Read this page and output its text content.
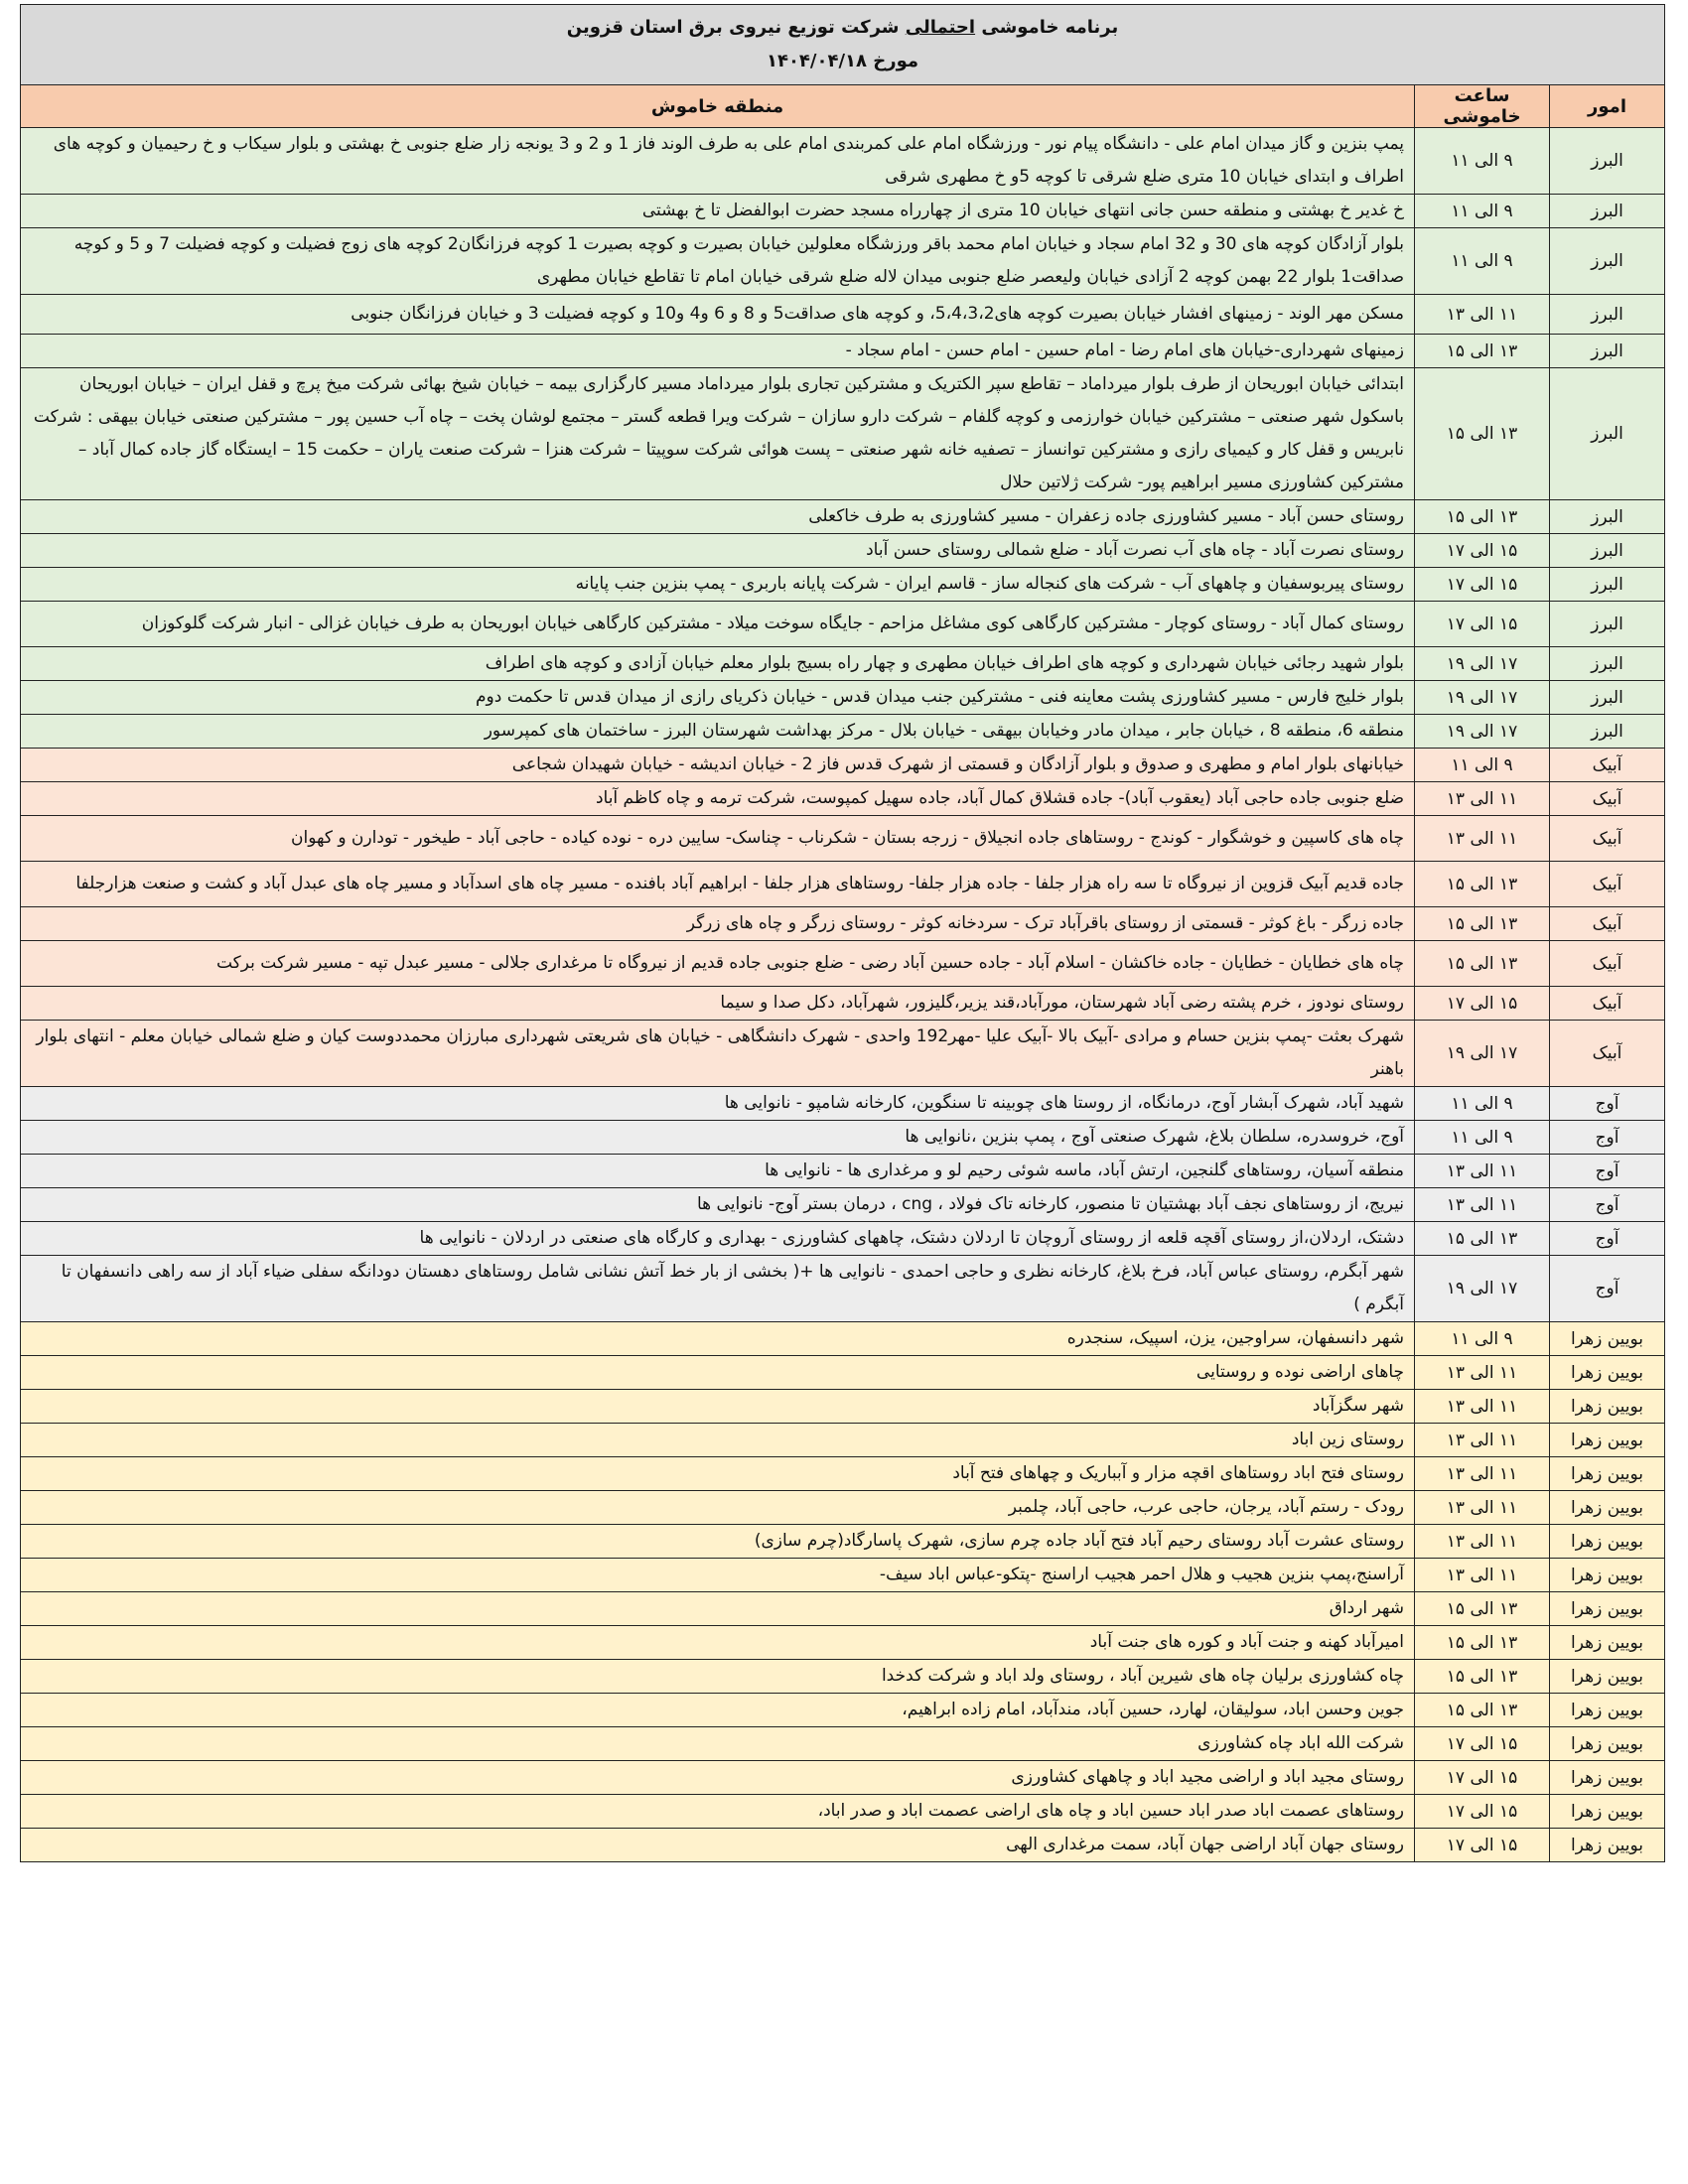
برنامه خاموشی احتمالی شرکت توزیع نیروی برق استان قزوین
مورخ ۱۴۰۴/۰۴/۱۸		

امور	ساعت خاموشی	منطقه خاموش
البرز	۹ الی ۱۱	پمپ بنزین و گاز میدان امام علی - دانشگاه پیام نور - ورزشگاه امام علی کمربندی امام علی به طرف الوند فاز 1 و 2 و 3 یونجه زار ضلع جنوبی خ بهشتی و بلوار سیکاب و خ رحیمیان و کوچه های اطراف و ابتدای خیابان 10 متری ضلع شرقی تا کوچه 5و خ مطهری شرقی
البرز	۹ الی ۱۱	خ غدیر خ بهشتی و منطقه حسن جانی انتهای خیابان 10 متری از چهارراه مسجد حضرت ابوالفضل تا خ بهشتی
البرز	۹ الی ۱۱	بلوار آزادگان کوچه های 30 و 32 امام سجاد و خیابان امام محمد باقر ورزشگاه معلولین خیابان بصیرت و کوچه بصیرت 1 کوچه فرزانگان2 کوچه های زوج فضیلت و کوچه فضیلت 7 و 5 و کوچه صداقت1 بلوار 22 بهمن کوچه 2 آزادی خیابان ولیعصر ضلع جنوبی میدان لاله ضلع شرقی خیابان امام تا تقاطع خیابان مطهری
البرز	۱۱ الی ۱۳	مسکن مهر الوند - زمینهای افشار خیابان بصیرت کوچه های5،4،3،2، و کوچه های صداقت5 و 8 و 6 و4 و10 و کوچه فضیلت 3 و خیابان فرزانگان جنوبی
البرز	۱۳ الی ۱۵	زمینهای شهرداری-خیابان های امام رضا - امام حسین - امام حسن - امام سجاد -
البرز	۱۳ الی ۱۵	ابتدائی خیابان ابوریحان از طرف بلوار میرداماد – تقاطع سپر الکتریک و مشترکین تجاری بلوار میرداماد مسیر کارگزاری بیمه – خیابان شیخ بهائی شرکت میخ پرچ و قفل ایران – خیابان ابوریحان باسکول شهر صنعتی – مشترکین خیابان خوارزمی و کوچه گلفام – شرکت دارو سازان – شرکت ویرا قطعه گستر – مجتمع لوشان پخت – چاه آب حسین پور – مشترکین صنعتی خیابان بیهقی : شرکت نابریس و قفل کار و کیمیای رازی و مشترکین توانساز – تصفیه خانه شهر صنعتی – پست هوائی شرکت سوپیتا – شرکت هنزا – شرکت صنعت یاران – حکمت 15 – ایستگاه گاز جاده کمال آباد – مشترکین کشاورزی مسیر ابراهیم پور- شرکت ژلاتین حلال
البرز	۱۳ الی ۱۵	روستای حسن آباد - مسیر کشاورزی جاده زعفران - مسیر کشاورزی به طرف خاکعلی
البرز	۱۵ الی ۱۷	روستای نصرت آباد - چاه های آب نصرت آباد - ضلع شمالی روستای حسن آباد
البرز	۱۵ الی ۱۷	روستای پیربوسفیان و چاههای آب - شرکت های کنجاله ساز - قاسم ایران - شرکت پایانه باربری - پمپ بنزین جنب پایانه
البرز	۱۵ الی ۱۷	روستای کمال آباد - روستای کوچار - مشترکین کارگاهی کوی مشاغل مزاحم - جایگاه سوخت میلاد - مشترکین کارگاهی خیابان ابوریحان به طرف خیابان غزالی - انبار شرکت گلوکوزان
البرز	۱۷ الی ۱۹	بلوار شهید رجائی خیابان شهرداری و کوچه های اطراف خیابان مطهری و چهار راه بسیج بلوار معلم خیابان آزادی و کوچه های اطراف
البرز	۱۷ الی ۱۹	بلوار خلیج فارس - مسیر کشاورزی پشت معاینه فنی - مشترکین جنب میدان قدس - خیابان ذکریای رازی از میدان قدس تا حکمت دوم
البرز	۱۷ الی ۱۹	منطقه 6، منطقه 8 ، خیابان جابر ، میدان مادر وخیابان بیهقی - خیابان بلال - مرکز بهداشت شهرستان البرز - ساختمان های کمپرسور
آبیک	۹ الی ۱۱	خیابانهای بلوار امام و مطهری و صدوق و بلوار آزادگان و قسمتی از شهرک قدس فاز 2 - خیابان اندیشه - خیابان شهیدان شجاعی
آبیک	۱۱ الی ۱۳	ضلع جنوبی جاده حاجی آباد (یعقوب آباد)- جاده قشلاق کمال آباد، جاده سهیل کمپوست، شرکت ترمه و چاه کاظم آباد
آبیک	۱۱ الی ۱۳	چاه های کاسپین و خوشگوار - کوندج - روستاهای جاده انجیلاق - زرجه بستان - شکرناب - چناسک- سایین دره - نوده کیاده - حاجی آباد - طیخور - تودارن و کهوان
آبیک	۱۳ الی ۱۵	جاده قدیم آبیک قزوین از نیروگاه تا سه راه هزار جلفا - جاده هزار جلفا- روستاهای هزار جلفا - ابراهیم آباد بافنده - مسیر چاه های اسدآباد و مسیر چاه های عبدل آباد و کشت و صنعت هزارجلفا
آبیک	۱۳ الی ۱۵	جاده زرگر - باغ کوثر - قسمتی از روستای باقرآباد ترک - سردخانه کوثر - روستای زرگر و چاه های زرگر
آبیک	۱۳ الی ۱۵	چاه های خطایان - خطایان - جاده خاکشان - اسلام آباد - جاده حسین آباد رضی - ضلع جنوبی جاده قدیم از نیروگاه تا مرغداری جلالی - مسیر عبدل تپه - مسیر شرکت برکت
آبیک	۱۵ الی ۱۷	روستای نودوز ، خرم پشته رضی آباد شهرستان، مورآباد،قند یزیر،گلیزور، شهرآباد، دکل صدا و سیما
آبیک	۱۷ الی ۱۹	شهرک بعثت -پمپ بنزین حسام و مرادی -آبیک بالا -آبیک علیا -مهر192 واحدی - شهرک دانشگاهی - خیابان های شریعتی شهرداری مبارزان محمددوست کیان و ضلع شمالی خیابان معلم - انتهای بلوار باهنر
آوج	۹ الی ۱۱	شهید آباد، شهرک آبشار آوج، درمانگاه، از روستا های چوبینه تا سنگوین، کارخانه شامپو - نانوایی ها
آوج	۹ الی ۱۱	آوج، خروسدره، سلطان بلاغ، شهرک صنعتی آوج ، پمپ بنزین ،نانوایی ها
آوج	۱۱ الی ۱۳	منطقه آسیان، روستاهای گلنجین، ارتش آباد، ماسه شوئی رحیم لو و مرغداری ها - نانوایی ها
آوج	۱۱ الی ۱۳	نیریج، از روستاهای نجف آباد بهشتیان تا منصور، کارخانه تاک فولاد ، cng ، درمان بستر آوج- نانوایی ها
آوج	۱۳ الی ۱۵	دشتک، اردلان،از روستای آقچه قلعه از روستای آروچان تا اردلان دشتک، چاههای کشاورزی - بهداری و کارگاه های صنعتی در اردلان - نانوایی ها
آوج	۱۷ الی ۱۹	شهر آبگرم، روستای عباس آباد، فرخ بلاغ، کارخانه نظری و حاجی احمدی - نانوایی ها +( بخشی از بار خط آتش نشانی شامل روستاهای دهستان دودانگه سفلی ضیاء آباد از سه راهی دانسفهان تا آبگرم )
بویین زهرا	۹ الی ۱۱	شهر دانسفهان، سراوجین، یزن، اسپیک، سنجدره
بویین زهرا	۱۱ الی ۱۳	چاهای اراضی نوده و روستایی
بویین زهرا	۱۱ الی ۱۳	شهر سگزآباد
بویین زهرا	۱۱ الی ۱۳	روستای زین اباد
بویین زهرا	۱۱ الی ۱۳	روستای فتح اباد روستاهای اقچه مزار و آبباریک و چهاهای فتح آباد
بویین زهرا	۱۱ الی ۱۳	رودک - رستم آباد، یرجان، حاجی عرب، حاجی آباد، چلمبر
بویین زهرا	۱۱ الی ۱۳	روستای عشرت آباد روستای رحیم آباد فتح آباد جاده چرم سازی، شهرک پاسارگاد(چرم سازی)
بویین زهرا	۱۱ الی ۱۳	آراسنج،پمپ بنزین هجیب و هلال احمر هجیب اراسنج -پتکو-عباس اباد سیف-
بویین زهرا	۱۳ الی ۱۵	شهر ارداق
بویین زهرا	۱۳ الی ۱۵	امیرآباد کهنه و جنت آباد و کوره های جنت آباد
بویین زهرا	۱۳ الی ۱۵	چاه کشاورزی برلیان چاه های شیرین آباد ، روستای ولد اباد و شرکت کدخدا
بویین زهرا	۱۳ الی ۱۵	جوین وحسن اباد، سولیقان، لهارد، حسین آباد، مندآباد، امام زاده ابراهیم،
بویین زهرا	۱۵ الی ۱۷	شرکت الله اباد چاه کشاورزی
بویین زهرا	۱۵ الی ۱۷	روستای مجید اباد و اراضی مجید اباد و چاههای کشاورزی
بویین زهرا	۱۵ الی ۱۷	روستاهای عصمت اباد صدر اباد حسین اباد و چاه های اراضی عصمت اباد و صدر اباد،
بویین زهرا	۱۵ الی ۱۷	روستای جهان آباد اراضی جهان آباد، سمت مرغداری الهی
